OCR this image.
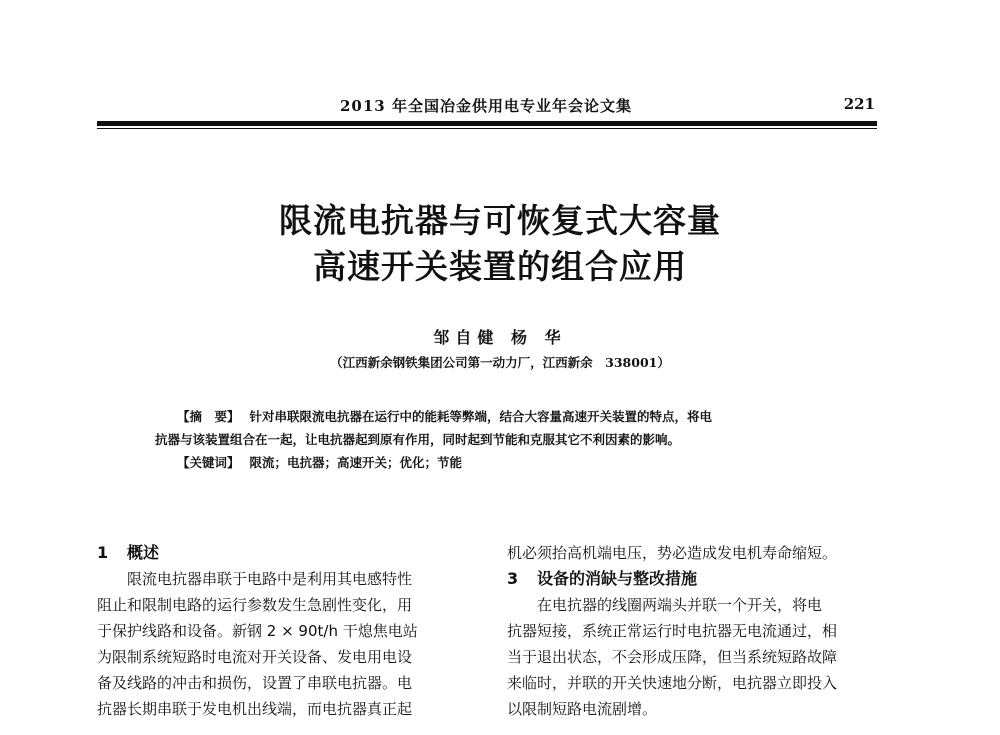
2013 年全国冶金供用电专业年会论文集	221
限流电抗器与可恢复式大容量
高速开关装置的组合应用
邹自健 杨 华
（江西新余钢铁集团公司第一动力厂，江西新余　338001）

【摘　要】 针对串联限流电抗器在运行中的能耗等弊端，结合大容量高速开关装置的特点，将电

抗器与该装置组合在一起，让电抗器起到原有作用，同时起到节能和克服其它不利因素的影响。

【关键词】 限流；电抗器；高速开关；优化；节能

1 概述

限流电抗器串联于电路中是利用其电感特性

阻止和限制电路的运行参数发生急剧性变化，用

于保护线路和设备。新钢 2 × 90t/h 干熄焦电站

为限制系统短路时电流对开关设备、发电用电设

备及线路的冲击和损伤，设置了串联电抗器。电

抗器长期串联于发电机出线端，而电抗器真正起

机必须抬高机端电压，势必造成发电机寿命缩短。

3 设备的消缺与整改措施

在电抗器的线圈两端头并联一个开关，将电

抗器短接，系统正常运行时电抗器无电流通过，相

当于退出状态，不会形成压降，但当系统短路故障

来临时，并联的开关快速地分断，电抗器立即投入

以限制短路电流剧增。
